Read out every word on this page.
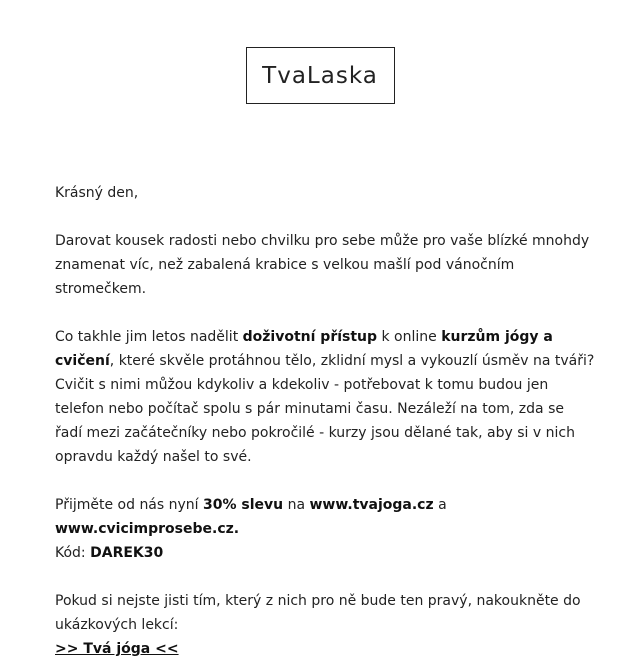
TvaLaska

Krásný den,

Darovat kousek radosti nebo chvilku pro sebe může pro vaše blízké mnohdy znamenat víc, než zabalená krabice s velkou mašlí pod vánočním stromečkem.

Co takhle jim letos nadělit doživotní přístup k online kurzům jógy a cvičení, které skvěle protáhnou tělo, zklidní mysl a vykouzlí úsměv na tváři?

Cvičit s nimi můžou kdykoliv a kdekoliv - potřebovat k tomu budou jen telefon nebo počítač spolu s pár minutami času. Nezáleží na tom, zda se řadí mezi začátečníky nebo pokročilé - kurzy jsou dělané tak, aby si v nich opravdu každý našel to své.

Přijměte od nás nyní 30% slevu na www.tvajoga.cz a www.cvicimprosebe.cz.
Kód: DAREK30

Pokud si nejste jisti tím, který z nich pro ně bude ten pravý, nakoukněte do ukázkových lekcí:

>> Tvá jóga <<
